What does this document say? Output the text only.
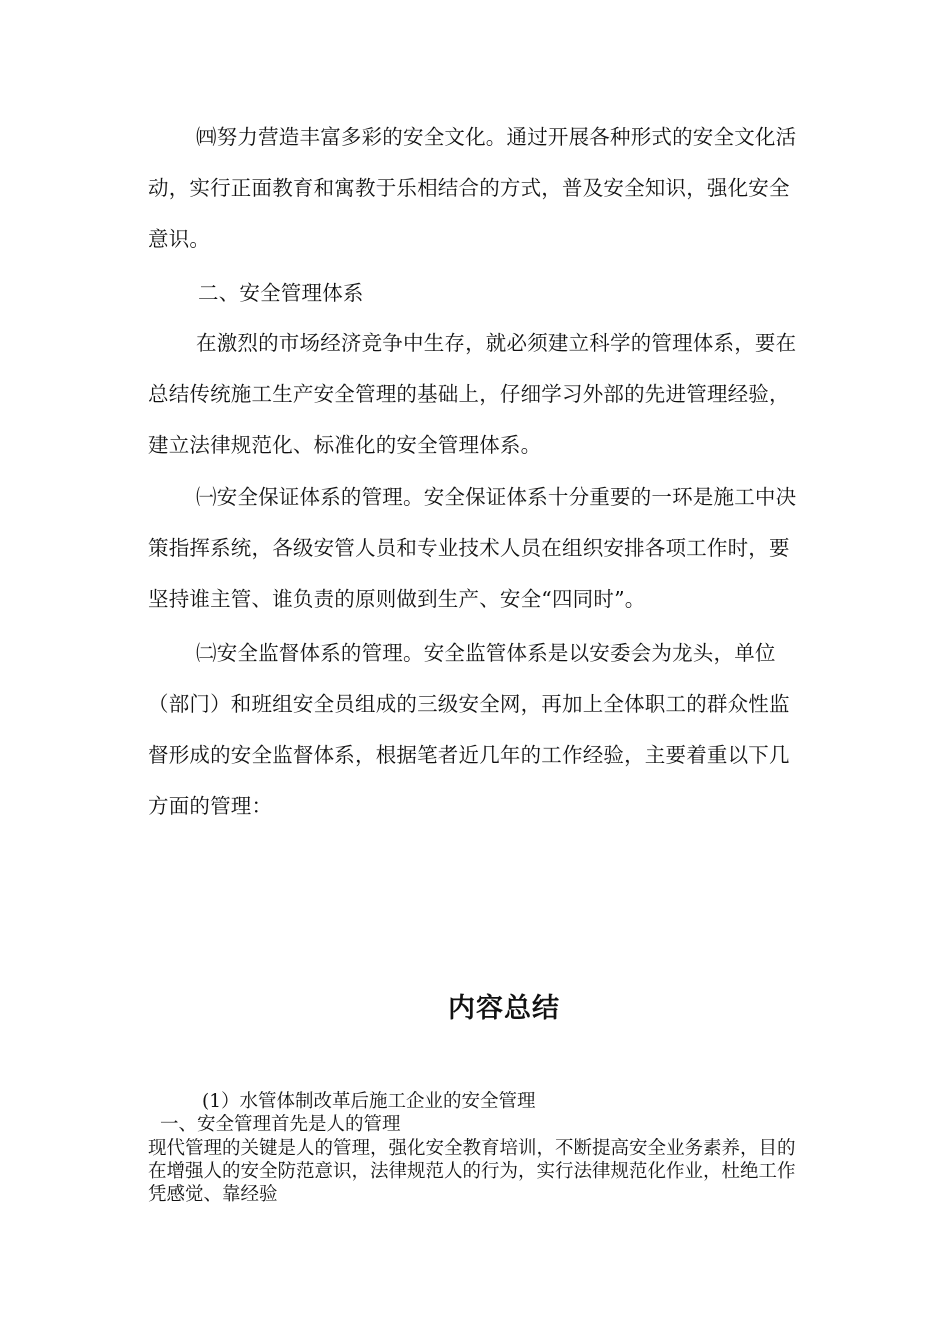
㈣努力营造丰富多彩的安全文化。通过开展各种形式的安全文化活动，实行正面教育和寓教于乐相结合的方式，普及安全知识，强化安全意识。

二、安全管理体系

在激烈的市场经济竞争中生存，就必须建立科学的管理体系，要在总结传统施工生产安全管理的基础上，仔细学习外部的先进管理经验，建立法律规范化、标准化的安全管理体系。

㈠安全保证体系的管理。安全保证体系十分重要的一环是施工中决策指挥系统，各级安管人员和专业技术人员在组织安排各项工作时，要坚持谁主管、谁负责的原则做到生产、安全“四同时”。

㈡安全监督体系的管理。安全监管体系是以安委会为龙头，单位（部门）和班组安全员组成的三级安全网，再加上全体职工的群众性监督形成的安全监督体系，根据笔者近几年的工作经验，主要着重以下几方面的管理：

内容总结

(1）水管体制改革后施工企业的安全管理

一、安全管理首先是人的管理

现代管理的关键是人的管理，强化安全教育培训，不断提高安全业务素养，目的在增强人的安全防范意识，法律规范人的行为，实行法律规范化作业，杜绝工作凭感觉、靠经验
